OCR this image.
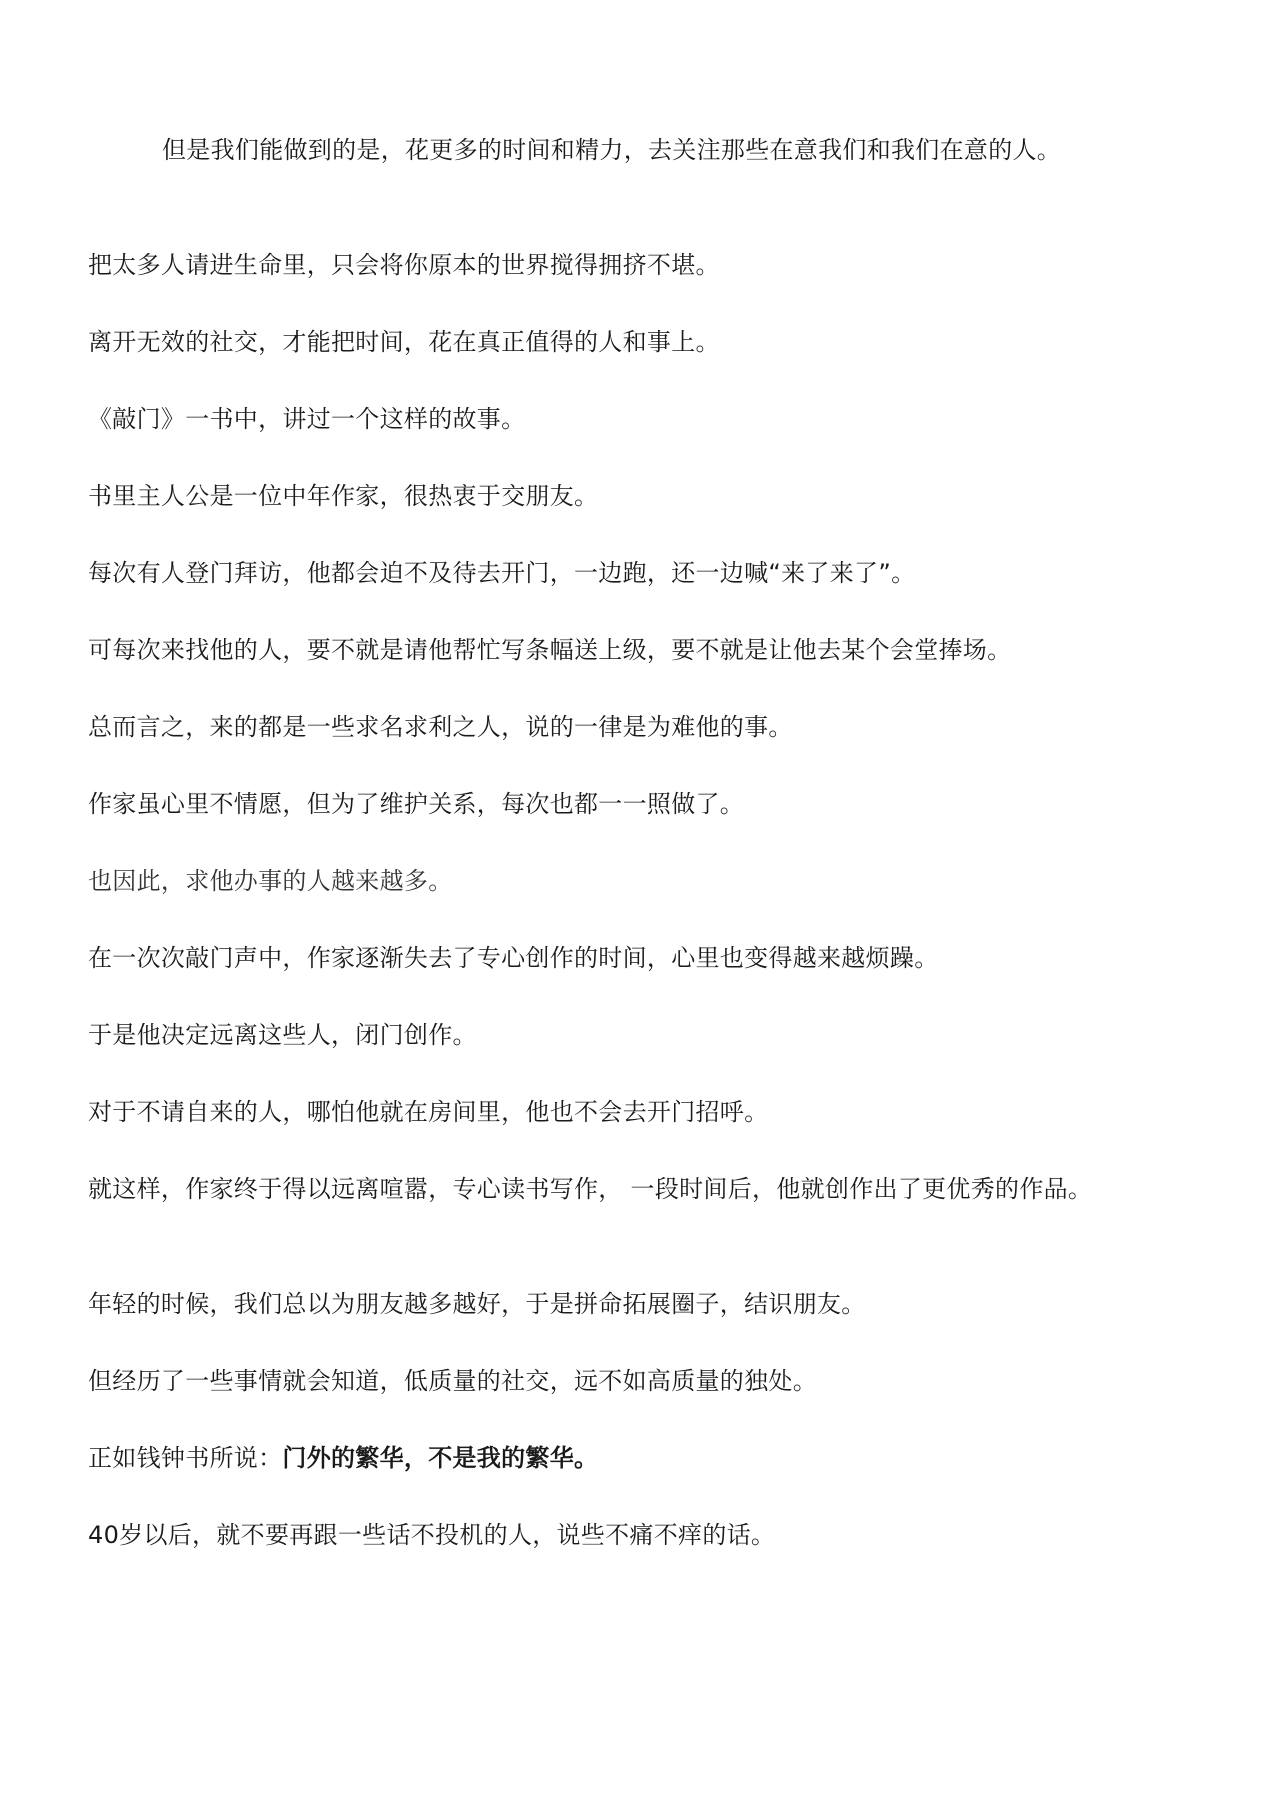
但是我们能做到的是，花更多的时间和精力，去关注那些在意我们和我们在意的人。

把太多人请进生命里，只会将你原本的世界搅得拥挤不堪。

离开无效的社交，才能把时间，花在真正值得的人和事上。

《敲门》一书中，讲过一个这样的故事。

书里主人公是一位中年作家，很热衷于交朋友。

每次有人登门拜访，他都会迫不及待去开门，一边跑，还一边喊“来了来了”。

可每次来找他的人，要不就是请他帮忙写条幅送上级，要不就是让他去某个会堂捧场。

总而言之，来的都是一些求名求利之人，说的一律是为难他的事。

作家虽心里不情愿，但为了维护关系，每次也都一一照做了。

也因此，求他办事的人越来越多。

在一次次敲门声中，作家逐渐失去了专心创作的时间，心里也变得越来越烦躁。

于是他决定远离这些人，闭门创作。

对于不请自来的人，哪怕他就在房间里，他也不会去开门招呼。

就这样，作家终于得以远离喧嚣，专心读书写作， 一段时间后，他就创作出了更优秀的作品。

年轻的时候，我们总以为朋友越多越好，于是拼命拓展圈子，结识朋友。

但经历了一些事情就会知道，低质量的社交，远不如高质量的独处。

正如钱钟书所说：门外的繁华，不是我的繁华。

40岁以后，就不要再跟一些话不投机的人，说些不痛不痒的话。
